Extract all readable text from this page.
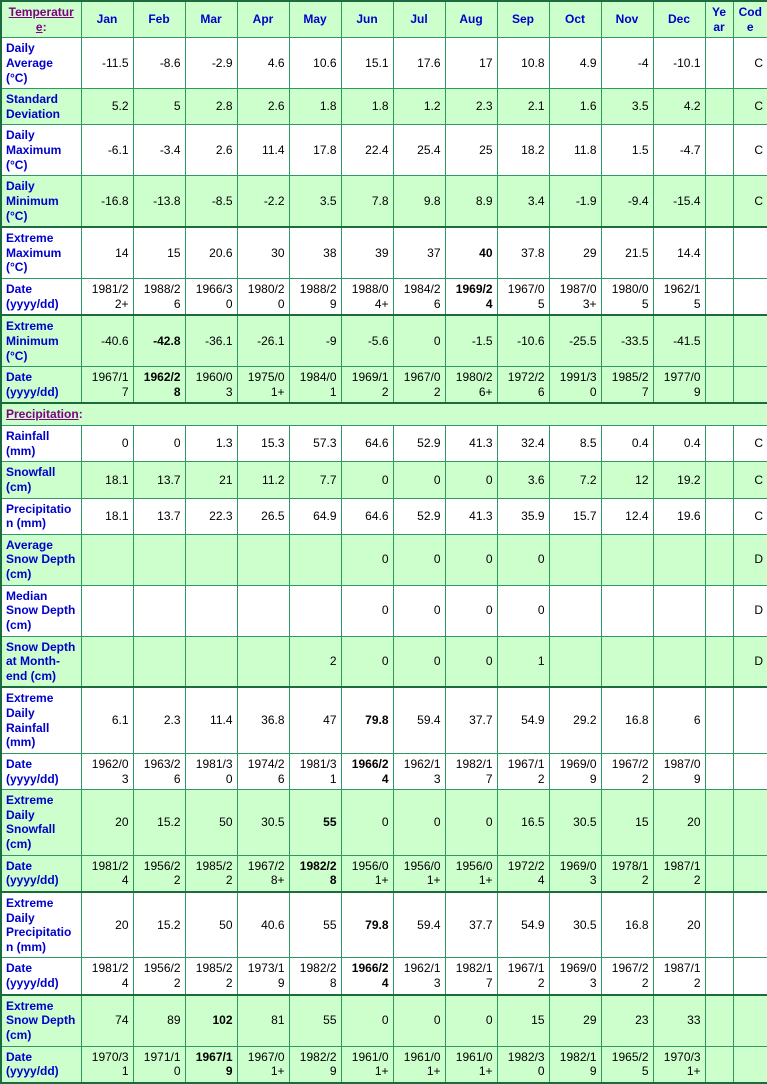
Temperature:	Jan	Feb	Mar	Apr	May	Jun	Jul	Aug	Sep	Oct	Nov	Dec	Year	Code
Daily Average (°C)	-11.5	-8.6	-2.9	4.6	10.6	15.1	17.6	17	10.8	4.9	-4	-10.1		C
Standard Deviation	5.2	5	2.8	2.6	1.8	1.8	1.2	2.3	2.1	1.6	3.5	4.2		C
Daily Maximum (°C)	-6.1	-3.4	2.6	11.4	17.8	22.4	25.4	25	18.2	11.8	1.5	-4.7		C
Daily Minimum (°C)	-16.8	-13.8	-8.5	-2.2	3.5	7.8	9.8	8.9	3.4	-1.9	-9.4	-15.4		C
Extreme Maximum (°C)	14	15	20.6	30	38	39	37	40	37.8	29	21.5	14.4		
Date (yyyy/dd)	1981/22+	1988/26	1966/30	1980/20	1988/29	1988/04+	1984/26	1969/24	1967/05	1987/03+	1980/05	1962/15		
Extreme Minimum (°C)	-40.6	-42.8	-36.1	-26.1	-9	-5.6	0	-1.5	-10.6	-25.5	-33.5	-41.5		
Date (yyyy/dd)	1967/17	1962/28	1960/03	1975/01+	1984/01	1969/12	1967/02	1980/26+	1972/26	1991/30	1985/27	1977/09		
Precipitation:														
Rainfall (mm)	0	0	1.3	15.3	57.3	64.6	52.9	41.3	32.4	8.5	0.4	0.4		C
Snowfall (cm)	18.1	13.7	21	11.2	7.7	0	0	0	3.6	7.2	12	19.2		C
Precipitation (mm)	18.1	13.7	22.3	26.5	64.9	64.6	52.9	41.3	35.9	15.7	12.4	19.6		C
Average Snow Depth (cm)						0	0	0	0					D
Median Snow Depth (cm)						0	0	0	0					D
Snow Depth at Month-end (cm)					2	0	0	0	1					D
Extreme Daily Rainfall (mm)	6.1	2.3	11.4	36.8	47	79.8	59.4	37.7	54.9	29.2	16.8	6		
Date (yyyy/dd)	1962/03	1963/26	1981/30	1974/26	1981/31	1966/24	1962/13	1982/17	1967/12	1969/09	1967/22	1987/09		
Extreme Daily Snowfall (cm)	20	15.2	50	30.5	55	0	0	0	16.5	30.5	15	20		
Date (yyyy/dd)	1981/24	1956/22	1985/22	1967/28+	1982/28	1956/01+	1956/01+	1956/01+	1972/24	1969/03	1978/12	1987/12		
Extreme Daily Precipitation (mm)	20	15.2	50	40.6	55	79.8	59.4	37.7	54.9	30.5	16.8	20		
Date (yyyy/dd)	1981/24	1956/22	1985/22	1973/19	1982/28	1966/24	1962/13	1982/17	1967/12	1969/03	1967/22	1987/12		
Extreme Snow Depth (cm)	74	89	102	81	55	0	0	0	15	29	23	33		
Date (yyyy/dd)	1970/31	1971/10	1967/19	1967/01+	1982/29	1961/01+	1961/01+	1961/01+	1982/30	1982/19	1965/25	1970/31+		
